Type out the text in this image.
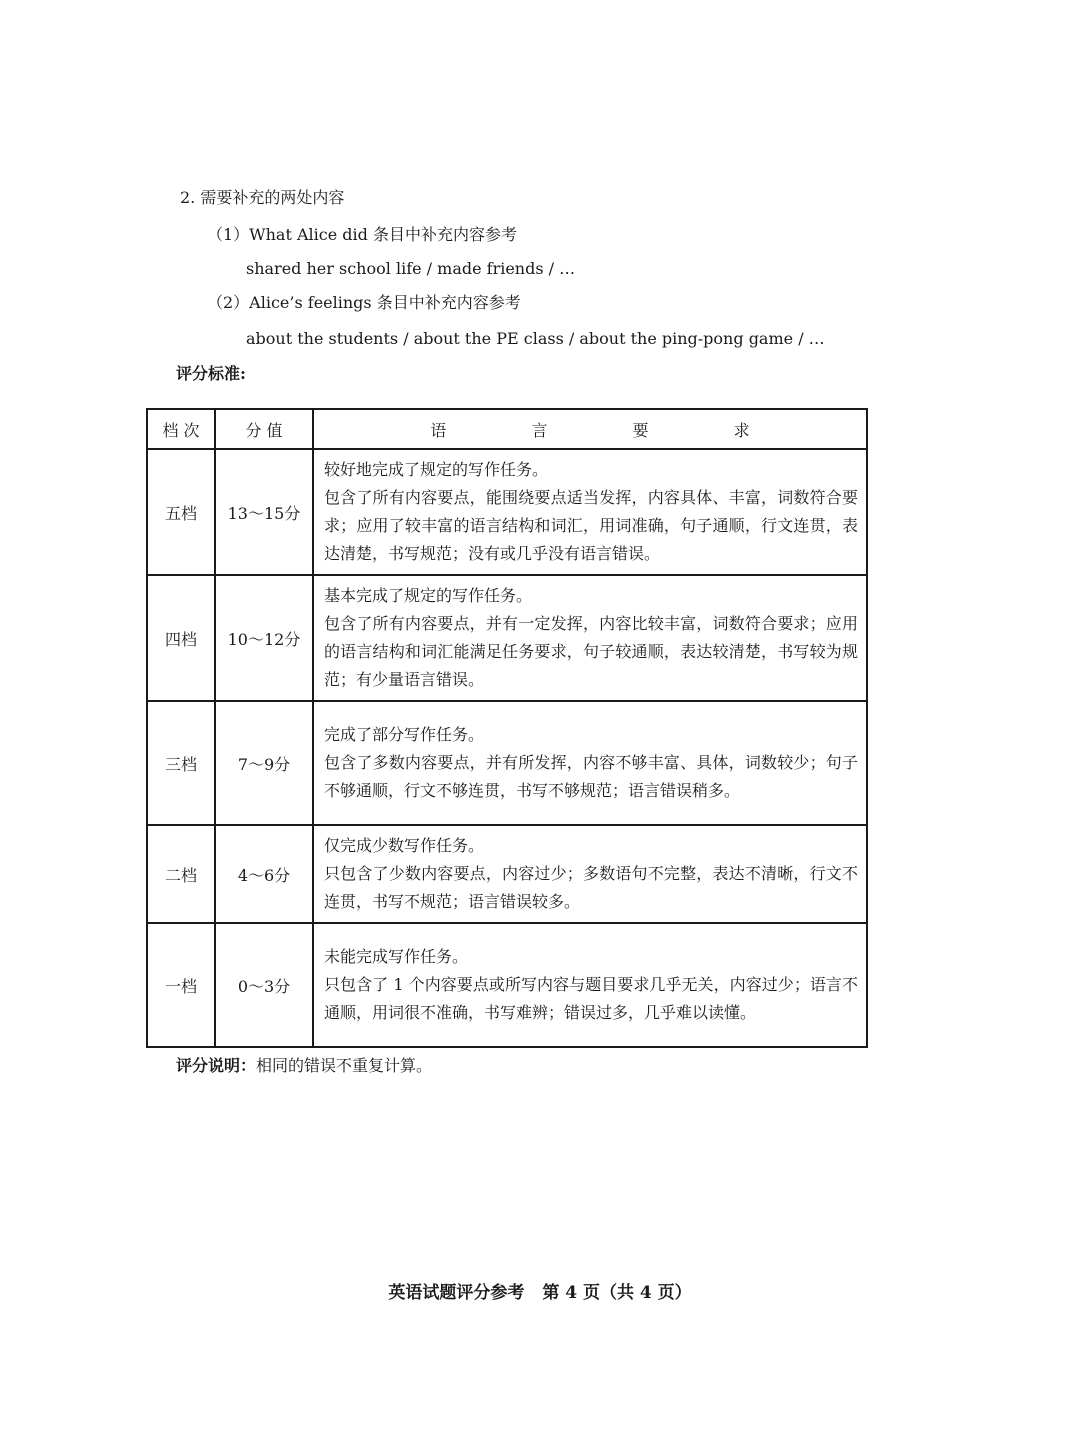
2. 需要补充的两处内容
（1）What Alice did 条目中补充内容参考
shared her school life / made friends / …
（2）Alice’s feelings 条目中补充内容参考
about the students / about the PE class / about the ping-pong game / …
评分标准:
档 次	分 值	语 言 要 求
五档	13～15分	较好地完成了规定的写作任务。
包含了所有内容要点，能围绕要点适当发挥，内容具体、丰富，词数符合要求；应用了较丰富的语言结构和词汇，用词准确，句子通顺，行文连贯，表达清楚，书写规范；没有或几乎没有语言错误。

四档	10～12分	基本完成了规定的写作任务。
包含了所有内容要点，并有一定发挥，内容比较丰富，词数符合要求；应用的语言结构和词汇能满足任务要求，句子较通顺，表达较清楚，书写较为规范；有少量语言错误。

三档	7～9分	完成了部分写作任务。
包含了多数内容要点，并有所发挥，内容不够丰富、具体，词数较少；句子不够通顺，行文不够连贯，书写不够规范；语言错误稍多。

二档	4～6分	仅完成少数写作任务。
只包含了少数内容要点，内容过少；多数语句不完整，表达不清晰，行文不连贯，书写不规范；语言错误较多。

一档	0～3分	未能完成写作任务。
只包含了 1 个内容要点或所写内容与题目要求几乎无关，内容过少；语言不通顺，用词很不准确，书写难辨；错误过多，几乎难以读懂。
评分说明：相同的错误不重复计算。
英语试题评分参考 第 4 页（共 4 页）
